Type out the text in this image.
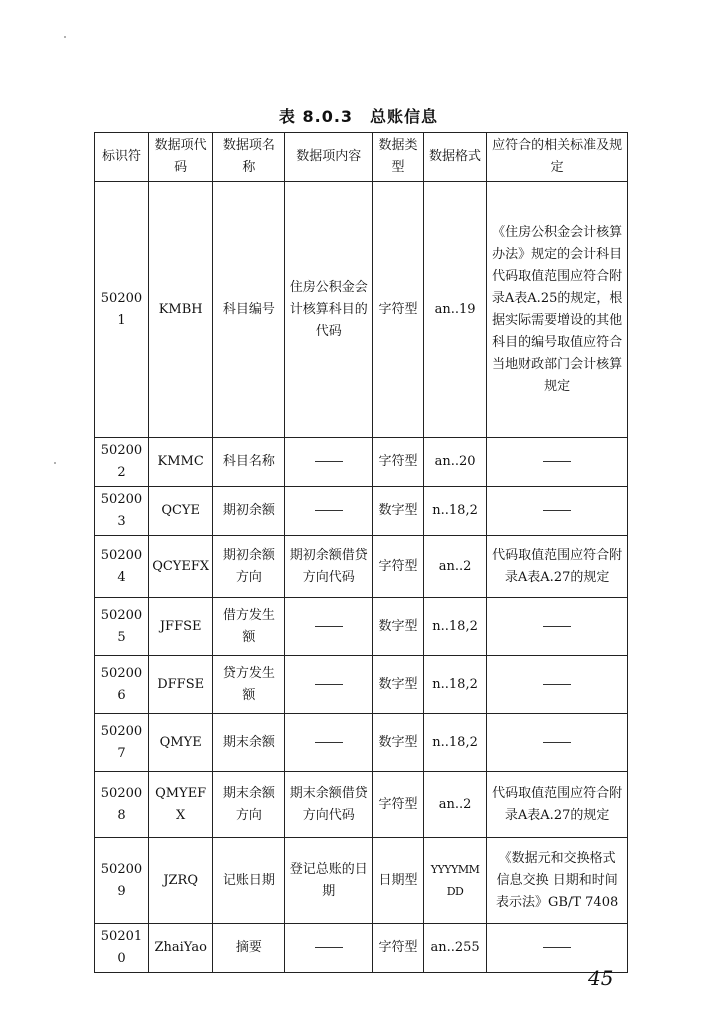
表 8.0.3　总账信息
标识符	数据项代码	数据项名称	数据项内容	数据类型	数据格式	应符合的相关标准及规定
502001	KMBH	科目编号	住房公积金会计核算科目的代码	字符型	an..19	《住房公积金会计核算办法》规定的会计科目代码取值范围应符合附录A表A.25的规定，根据实际需要增设的其他科目的编号取值应符合当地财政部门会计核算规定
502002	KMMC	科目名称		字符型	an..20	
502003	QCYE	期初余额		数字型	n..18,2	
502004	QCYEFX	期初余额方向	期初余额借贷方向代码	字符型	an..2	代码取值范围应符合附录A表A.27的规定
502005	JFFSE	借方发生额		数字型	n..18,2	
502006	DFFSE	贷方发生额		数字型	n..18,2	
502007	QMYE	期末余额		数字型	n..18,2	
502008	QMYEFX	期末余额方向	期末余额借贷方向代码	字符型	an..2	代码取值范围应符合附录A表A.27的规定
502009	JZRQ	记账日期	登记总账的日期	日期型	YYYYMMDD	《数据元和交换格式 信息交换 日期和时间表示法》GB/T 7408
502010	ZhaiYao	摘要		字符型	an..255	
45
